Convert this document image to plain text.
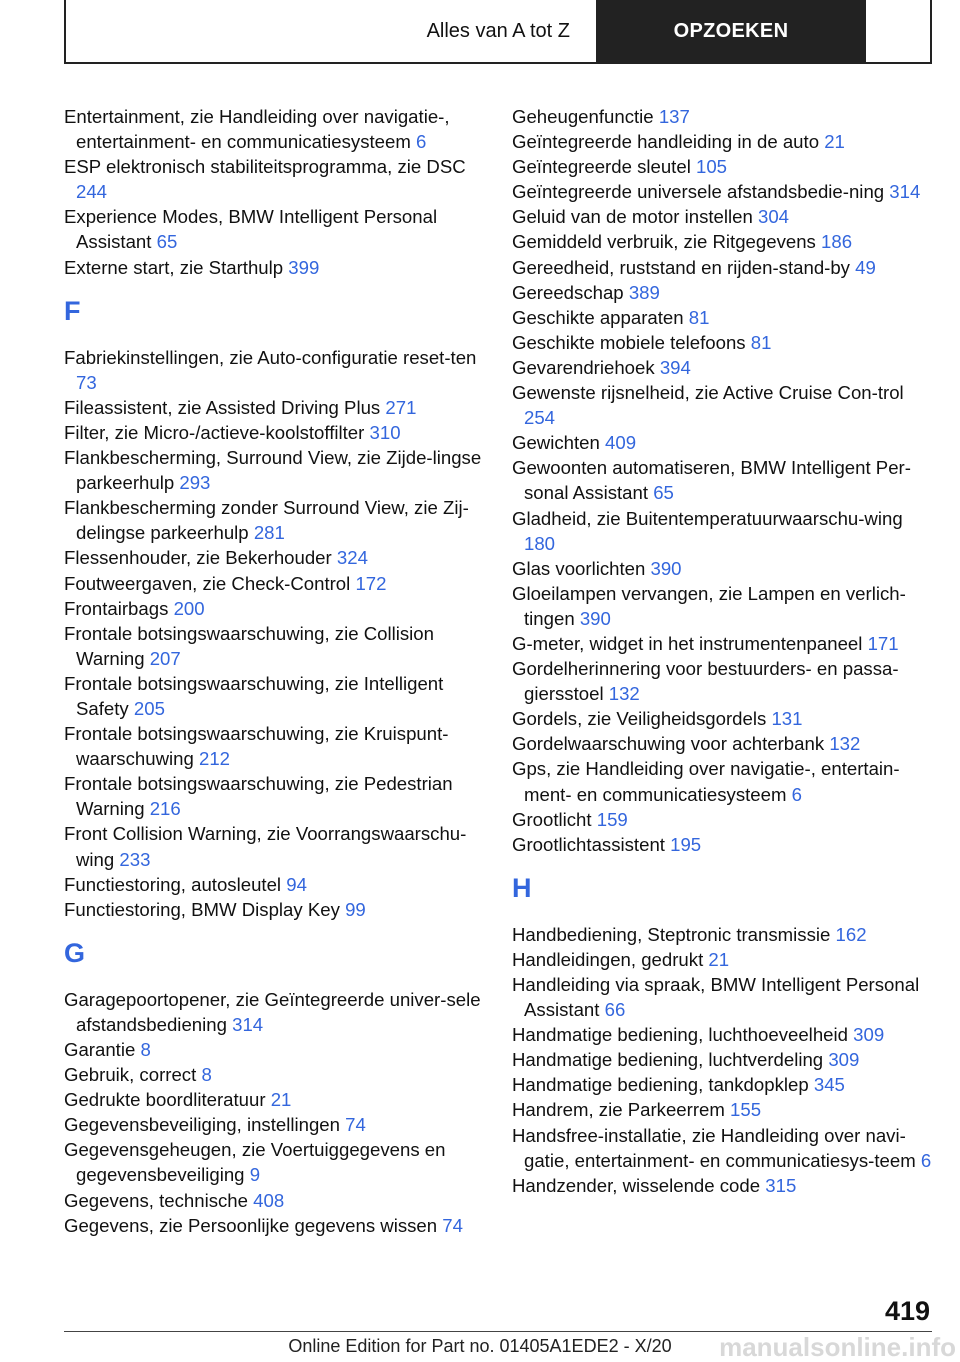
Alles van A tot Z	OPZOEKEN
Entertainment, zie Handleiding over navigatie-, entertainment- en communicatiesysteem 6
ESP elektronisch stabiliteitsprogramma, zie DSC 244
Experience Modes, BMW Intelligent Personal Assistant 65
Externe start, zie Starthulp 399
F
Fabriekinstellingen, zie Auto-configuratie reset-ten 73
Fileassistent, zie Assisted Driving Plus 271
Filter, zie Micro-/actieve-koolstoffilter 310
Flankbescherming, Surround View, zie Zijde-lingse parkeerhulp 293
Flankbescherming zonder Surround View, zie Zij-delingse parkeerhulp 281
Flessenhouder, zie Bekerhouder 324
Foutweergaven, zie Check-Control 172
Frontairbags 200
Frontale botsingswaarschuwing, zie Collision Warning 207
Frontale botsingswaarschuwing, zie Intelligent Safety 205
Frontale botsingswaarschuwing, zie Kruispunt-waarschuwing 212
Frontale botsingswaarschuwing, zie Pedestrian Warning 216
Front Collision Warning, zie Voorrangswaarschu-wing 233
Functiestoring, autosleutel 94
Functiestoring, BMW Display Key 99
G
Garagepoortopener, zie Geïntegreerde univer-sele afstandsbediening 314
Garantie 8
Gebruik, correct 8
Gedrukte boordliteratuur 21
Gegevensbeveiliging, instellingen 74
Gegevensgeheugen, zie Voertuiggegevens en gegevensbeveiliging 9
Gegevens, technische 408
Gegevens, zie Persoonlijke gegevens wissen 74
Geheugenfunctie 137
Geïntegreerde handleiding in de auto 21
Geïntegreerde sleutel 105
Geïntegreerde universele afstandsbedie-ning 314
Geluid van de motor instellen 304
Gemiddeld verbruik, zie Ritgegevens 186
Gereedheid, ruststand en rijden-stand-by 49
Gereedschap 389
Geschikte apparaten 81
Geschikte mobiele telefoons 81
Gevarendriehoek 394
Gewenste rijsnelheid, zie Active Cruise Con-trol 254
Gewichten 409
Gewoonten automatiseren, BMW Intelligent Per-sonal Assistant 65
Gladheid, zie Buitentemperatuurwaarschu-wing 180
Glas voorlichten 390
Gloeilampen vervangen, zie Lampen en verlich-tingen 390
G-meter, widget in het instrumentenpaneel 171
Gordelherinnering voor bestuurders- en passa-giersstoel 132
Gordels, zie Veiligheidsgordels 131
Gordelwaarschuwing voor achterbank 132
Gps, zie Handleiding over navigatie-, entertain-ment- en communicatiesysteem 6
Grootlicht 159
Grootlichtassistent 195
H
Handbediening, Steptronic transmissie 162
Handleidingen, gedrukt 21
Handleiding via spraak, BMW Intelligent Personal Assistant 66
Handmatige bediening, luchthoeveelheid 309
Handmatige bediening, luchtverdeling 309
Handmatige bediening, tankdopklep 345
Handrem, zie Parkeerrem 155
Handsfree-installatie, zie Handleiding over navi-gatie, entertainment- en communicatiesys-teem 6
Handzender, wisselende code 315
419
Online Edition for Part no. 01405A1EDE2 - X/20	manualsonline.info
